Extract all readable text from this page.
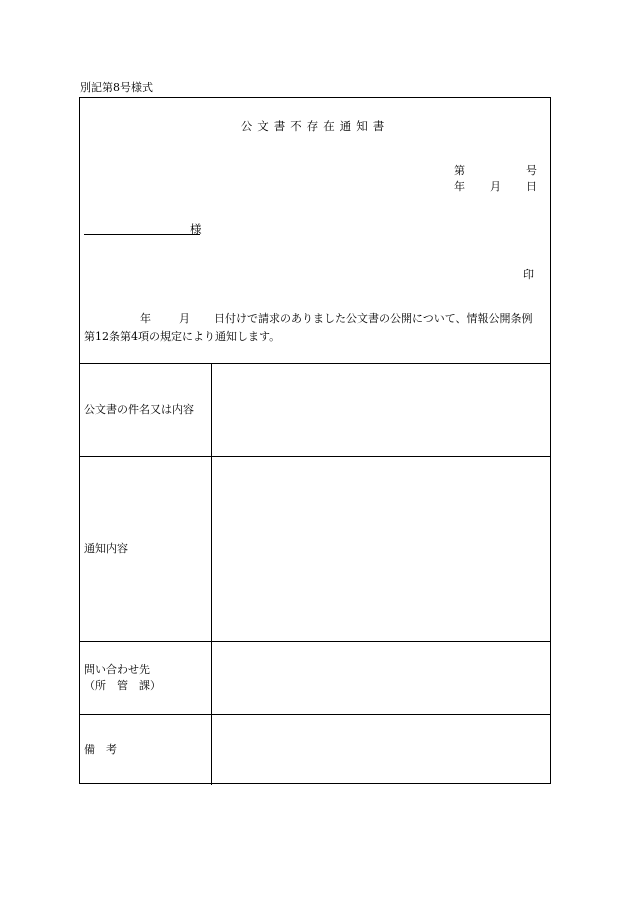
別記第8号様式
公文書不存在通知書
第	号
年 月 日
様
印
年	月 日付けで請求のありました公文書の公開について、情報公開条例
第12条第4項の規定により通知します。
公文書の件名又は内容	
通知内容	
問い合わせ先
（所　管　課）	
備　考	
